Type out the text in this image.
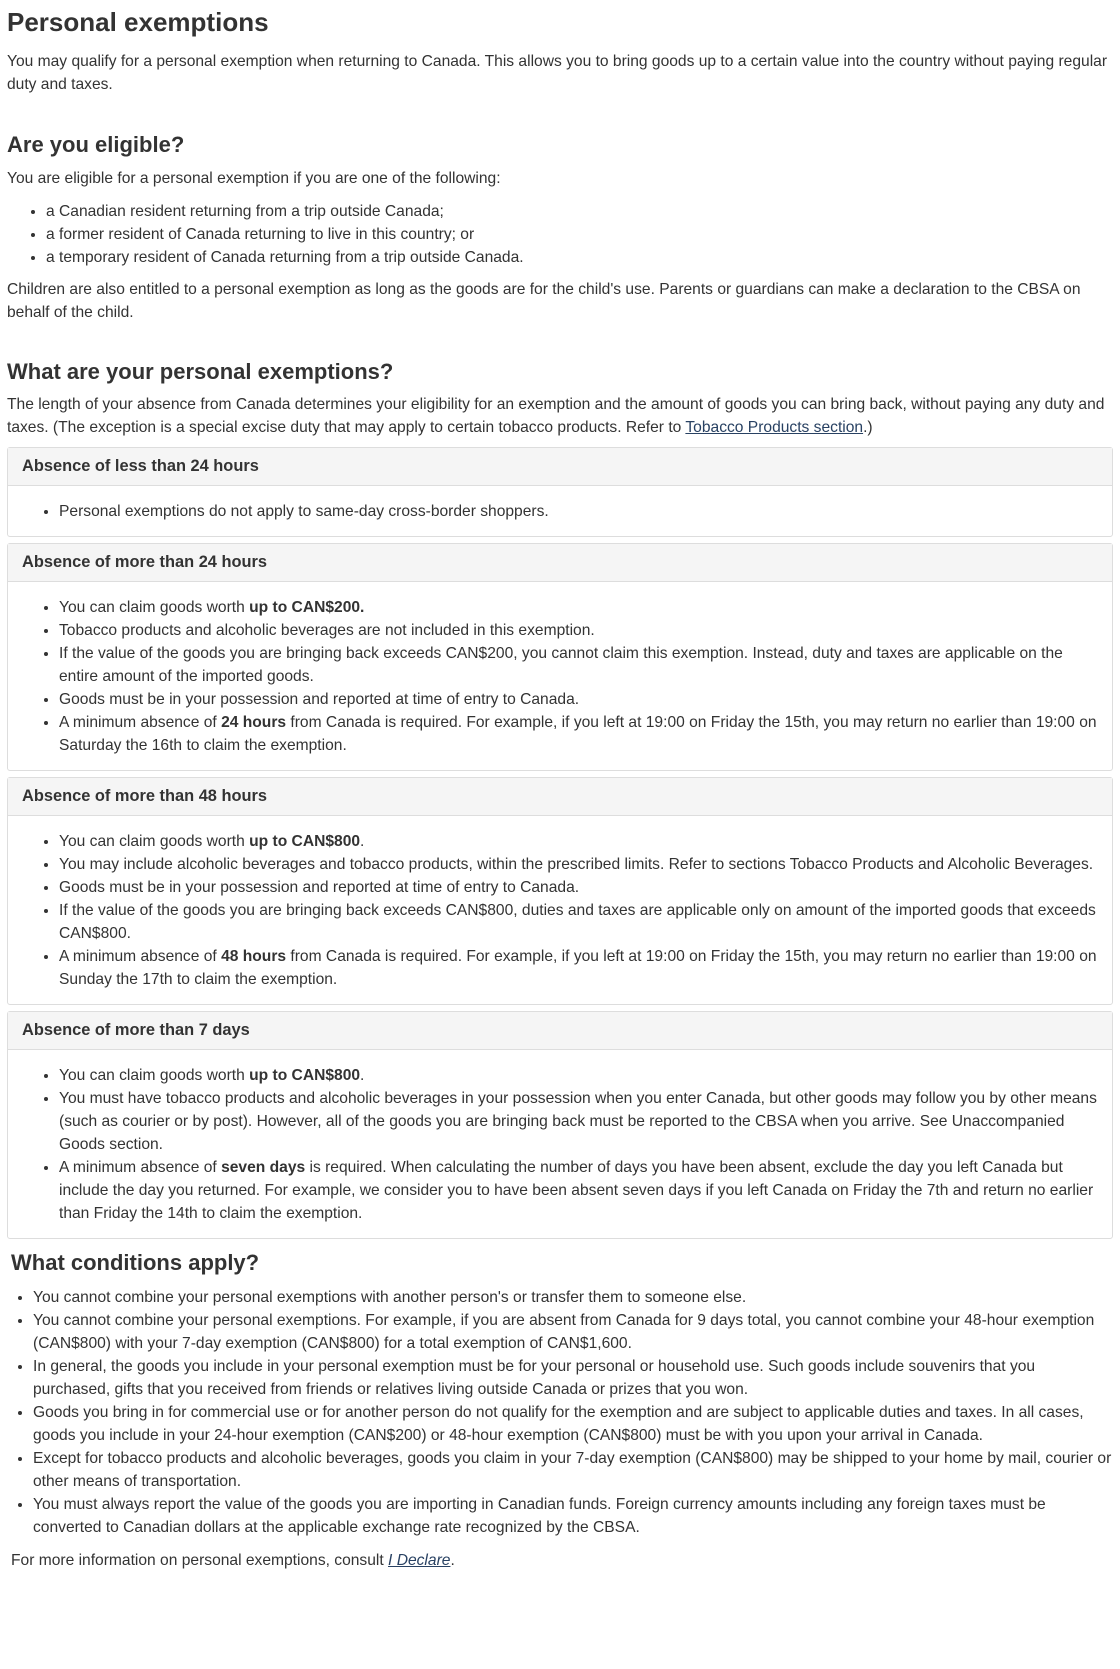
Personal exemptions

You may qualify for a personal exemption when returning to Canada. This allows you to bring goods up to a certain value into the country without paying regular duty and taxes.

Are you eligible?

You are eligible for a personal exemption if you are one of the following:

• a Canadian resident returning from a trip outside Canada;
• a former resident of Canada returning to live in this country; or
• a temporary resident of Canada returning from a trip outside Canada.

Children are also entitled to a personal exemption as long as the goods are for the child's use. Parents or guardians can make a declaration to the CBSA on behalf of the child.

What are your personal exemptions?

The length of your absence from Canada determines your eligibility for an exemption and the amount of goods you can bring back, without paying any duty and taxes. (The exception is a special excise duty that may apply to certain tobacco products. Refer to Tobacco Products section.)

Absence of less than 24 hours
• Personal exemptions do not apply to same-day cross-border shoppers.
Absence of more than 24 hours
• You can claim goods worth up to CAN$200.
• Tobacco products and alcoholic beverages are not included in this exemption.
• If the value of the goods you are bringing back exceeds CAN$200, you cannot claim this exemption. Instead, duty and taxes are applicable on the entire amount of the imported goods.
• Goods must be in your possession and reported at time of entry to Canada.
• A minimum absence of 24 hours from Canada is required. For example, if you left at 19:00 on Friday the 15th, you may return no earlier than 19:00 on Saturday the 16th to claim the exemption.
Absence of more than 48 hours
• You can claim goods worth up to CAN$800.
• You may include alcoholic beverages and tobacco products, within the prescribed limits. Refer to sections Tobacco Products and Alcoholic Beverages.
• Goods must be in your possession and reported at time of entry to Canada.
• If the value of the goods you are bringing back exceeds CAN$800, duties and taxes are applicable only on amount of the imported goods that exceeds CAN$800.
• A minimum absence of 48 hours from Canada is required. For example, if you left at 19:00 on Friday the 15th, you may return no earlier than 19:00 on Sunday the 17th to claim the exemption.
Absence of more than 7 days
• You can claim goods worth up to CAN$800.
• You must have tobacco products and alcoholic beverages in your possession when you enter Canada, but other goods may follow you by other means (such as courier or by post). However, all of the goods you are bringing back must be reported to the CBSA when you arrive. See Unaccompanied Goods section.
• A minimum absence of seven days is required. When calculating the number of days you have been absent, exclude the day you left Canada but include the day you returned. For example, we consider you to have been absent seven days if you left Canada on Friday the 7th and return no earlier than Friday the 14th to claim the exemption.
What conditions apply?
• You cannot combine your personal exemptions with another person's or transfer them to someone else.
• You cannot combine your personal exemptions. For example, if you are absent from Canada for 9 days total, you cannot combine your 48-hour exemption (CAN$800) with your 7-day exemption (CAN$800) for a total exemption of CAN$1,600.
• In general, the goods you include in your personal exemption must be for your personal or household use. Such goods include souvenirs that you purchased, gifts that you received from friends or relatives living outside Canada or prizes that you won.
• Goods you bring in for commercial use or for another person do not qualify for the exemption and are subject to applicable duties and taxes. In all cases, goods you include in your 24-hour exemption (CAN$200) or 48-hour exemption (CAN$800) must be with you upon your arrival in Canada.
• Except for tobacco products and alcoholic beverages, goods you claim in your 7-day exemption (CAN$800) may be shipped to your home by mail, courier or other means of transportation.
• You must always report the value of the goods you are importing in Canadian funds. Foreign currency amounts including any foreign taxes must be converted to Canadian dollars at the applicable exchange rate recognized by the CBSA.

For more information on personal exemptions, consult I Declare.
